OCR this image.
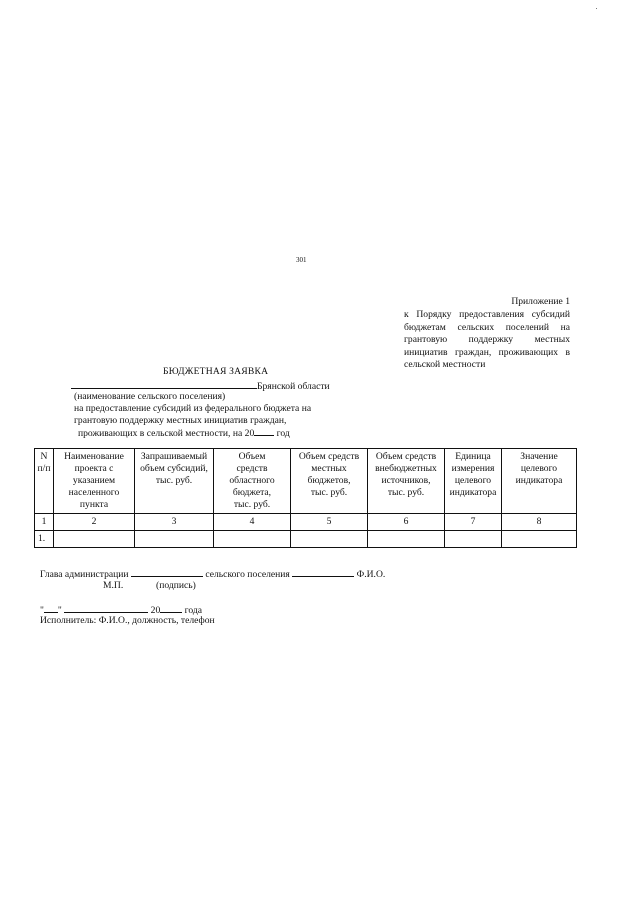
301
Приложение 1
к Порядку предоставления субсидий бюджетам сельских поселений на грантовую поддержку местных инициатив граждан, проживающих в сельской местности
БЮДЖЕТНАЯ ЗАЯВКА
Брянской области
(наименование сельского поселения)
на предоставление субсидий из федерального бюджета на
грантовую поддержку местных инициатив граждан,
проживающих в сельской местности, на 20 год
N
п/п	Наименование
проекта с
указанием
населенного
пункта	Запрашиваемый
объем субсидий,
тыс. руб.	Объем
средств
областного
бюджета,
тыс. руб.	Объем средств
местных
бюджетов,
тыс. руб.	Объем средств
внебюджетных
источников,
тыс. руб.	Единица
измерения
целевого
индикатора	Значение
целевого
индикатора
1	2	3	4	5	6	7	8
1.							
Глава администрации	сельского поселения	Ф.И.О.
М.П.	(подпись)
" "	20	года
Исполнитель: Ф.И.О., должность, телефон
